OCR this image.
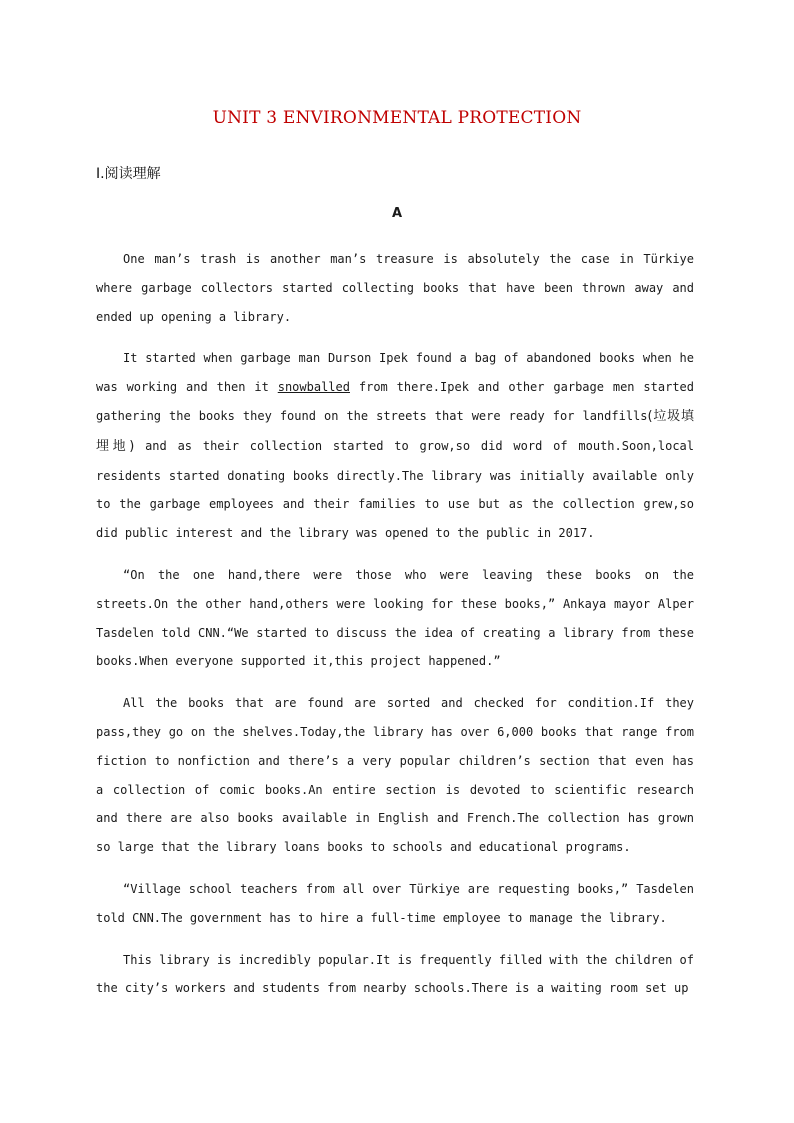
UNIT 3 ENVIRONMENTAL PROTECTION
Ⅰ.阅读理解
A

One man’s trash is another man’s treasure is absolutely the case in Türkiye where garbage collectors started collecting books that have been thrown away and ended up opening a library.

It started when garbage man Durson Ipek found a bag of abandoned books when he was working and then it snowballed from there.Ipek and other garbage men started gathering the books they found on the streets that were ready for landfills(垃圾填埋地) and as their collection started to grow,so did word of mouth.Soon,local residents started donating books directly.The library was initially available only to the garbage employees and their families to use but as the collection grew,so did public interest and the library was opened to the public in 2017.

“On the one hand,there were those who were leaving these books on the streets.On the other hand,others were looking for these books,” Ankaya mayor Alper Tasdelen told CNN.“We started to discuss the idea of creating a library from these books.When everyone supported it,this project happened.”

All the books that are found are sorted and checked for condition.If they pass,they go on the shelves.Today,the library has over 6,000 books that range from fiction to nonfiction and there’s a very popular children’s section that even has a collection of comic books.An entire section is devoted to scientific research and there are also books available in English and French.The collection has grown so large that the library loans books to schools and educational programs.

“Village school teachers from all over Türkiye are requesting books,” Tasdelen told CNN.The government has to hire a full-time employee to manage the library.

This library is incredibly popular.It is frequently filled with the children of the city’s workers and students from nearby schools.There is a waiting room set up
